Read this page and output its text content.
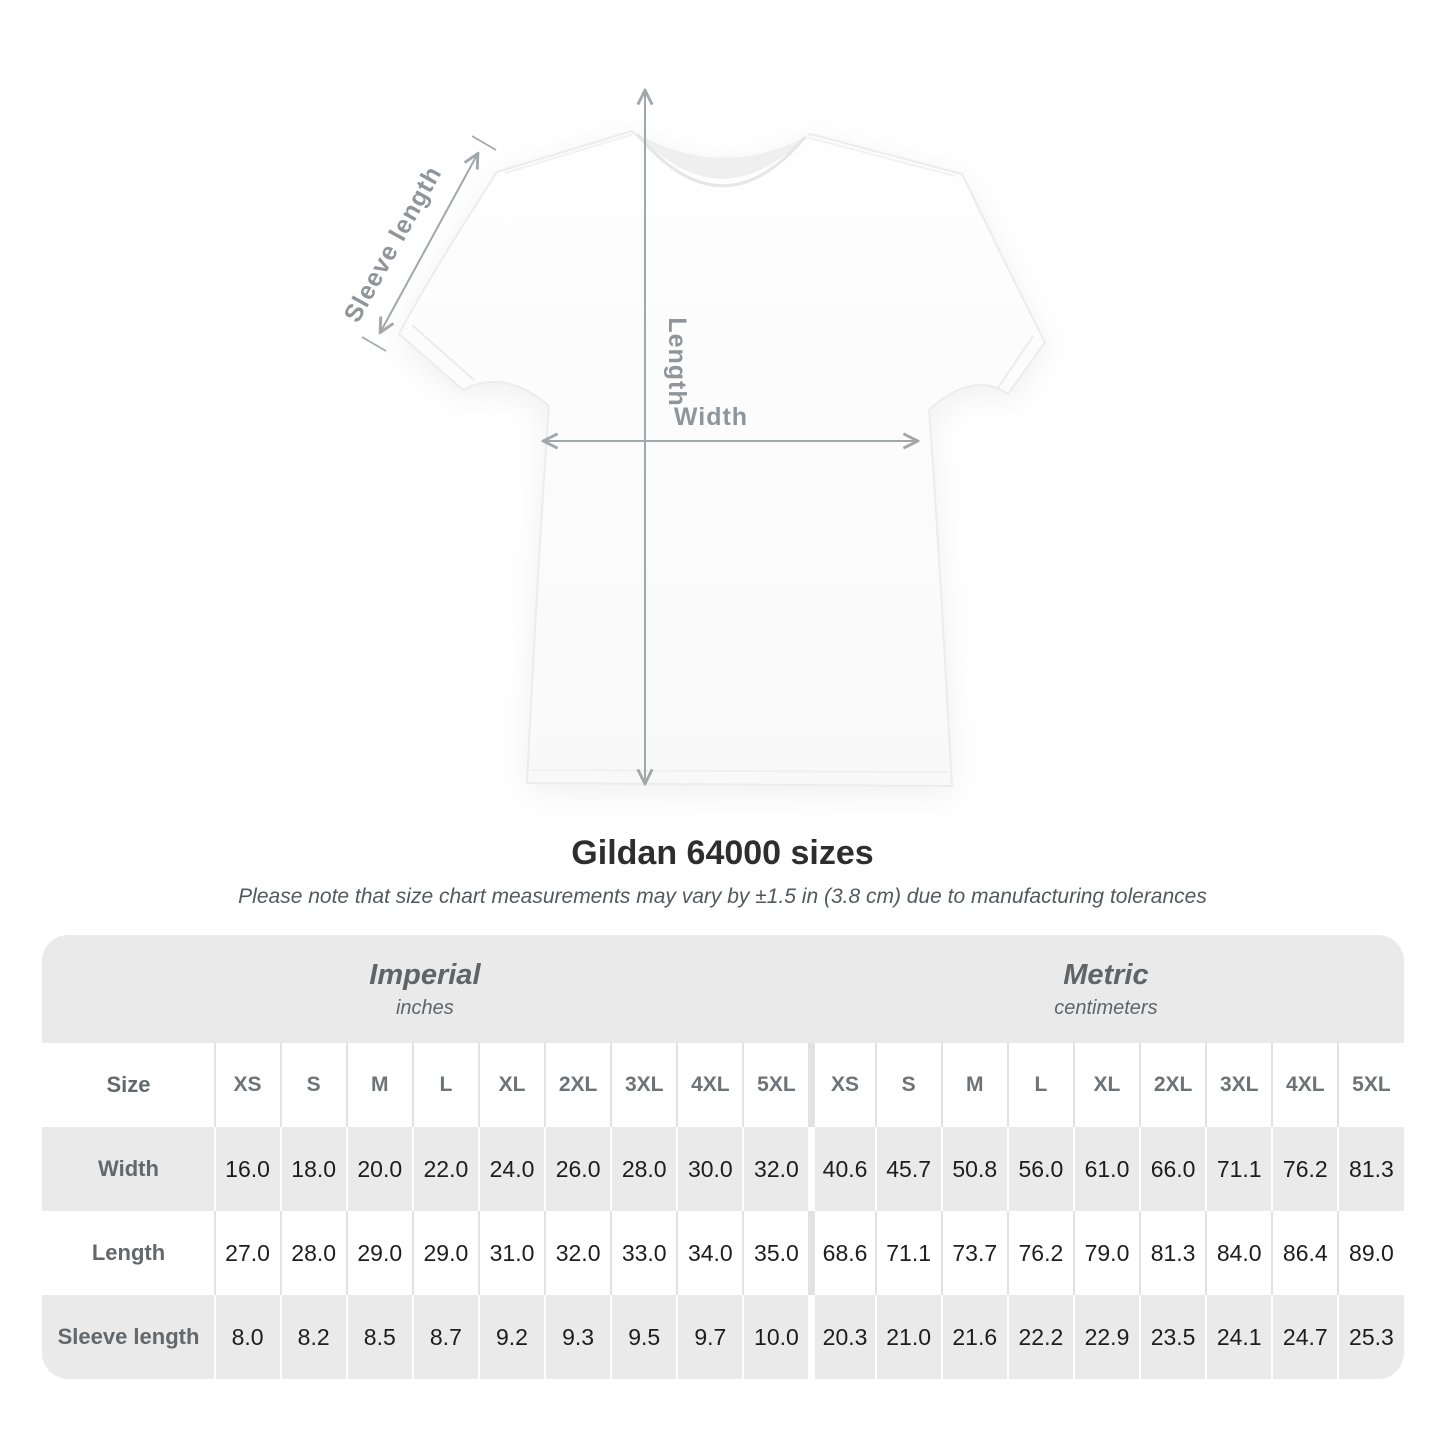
Width
Length
Sleeve length
Gildan 64000 sizes
Please note that size chart measurements may vary by ±1.5 in (3.8 cm) due to manufacturing tolerances
Imperial
inches
Metric
centimeters
Size	XS	S	M	L	XL	2XL	3XL	4XL	5XL	XS	S	M	L	XL	2XL	3XL	4XL	5XL
Width	16.0	18.0	20.0	22.0	24.0	26.0	28.0	30.0	32.0	40.6	45.7	50.8	56.0	61.0	66.0	71.1	76.2	81.3
Length	27.0	28.0	29.0	29.0	31.0	32.0	33.0	34.0	35.0	68.6	71.1	73.7	76.2	79.0	81.3	84.0	86.4	89.0
Sleeve length	8.0	8.2	8.5	8.7	9.2	9.3	9.5	9.7	10.0	20.3	21.0	21.6	22.2	22.9	23.5	24.1	24.7	25.3
